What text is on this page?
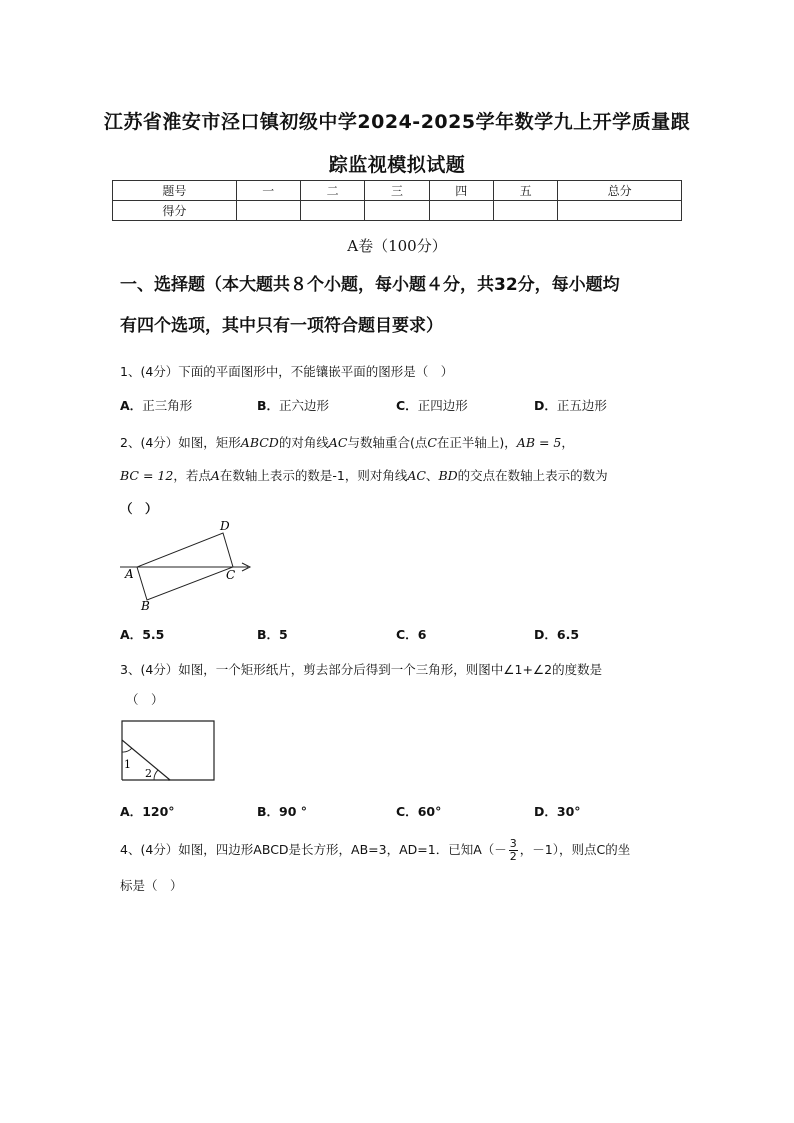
江苏省淮安市泾口镇初级中学2024-2025学年数学九上开学质量跟
踪监视模拟试题
题号	一	二	三	四	五	总分
得分						
A卷（100分）
一、选择题（本大题共８个小题，每小题４分，共32分，每小题均
有四个选项，其中只有一项符合题目要求）
1、(4分）下面的平面图形中，不能镶嵌平面的图形是（　）
A．正三角形	B．正六边形	C．正四边形	D．正五边形
2、(4分）如图，矩形ABCD的对角线AC与数轴重合(点C在正半轴上)，AB = 5，
BC = 12，若点A在数轴上表示的数是-1，则对角线AC、BD的交点在数轴上表示的数为
（　）
A
B
C
D
A．5.5	B．5	C．6	D．6.5
3、(4分）如图，一个矩形纸片，剪去部分后得到一个三角形，则图中∠1+∠2的度数是
（　）
1
2
A．120°	B．90 °	C．60°	D．30°
4、(4分）如图，四边形ABCD是长方形，AB=3，AD=1．已知$A(- \frac{3}{2}$ ，－1），则点C的坐
标是（　）
